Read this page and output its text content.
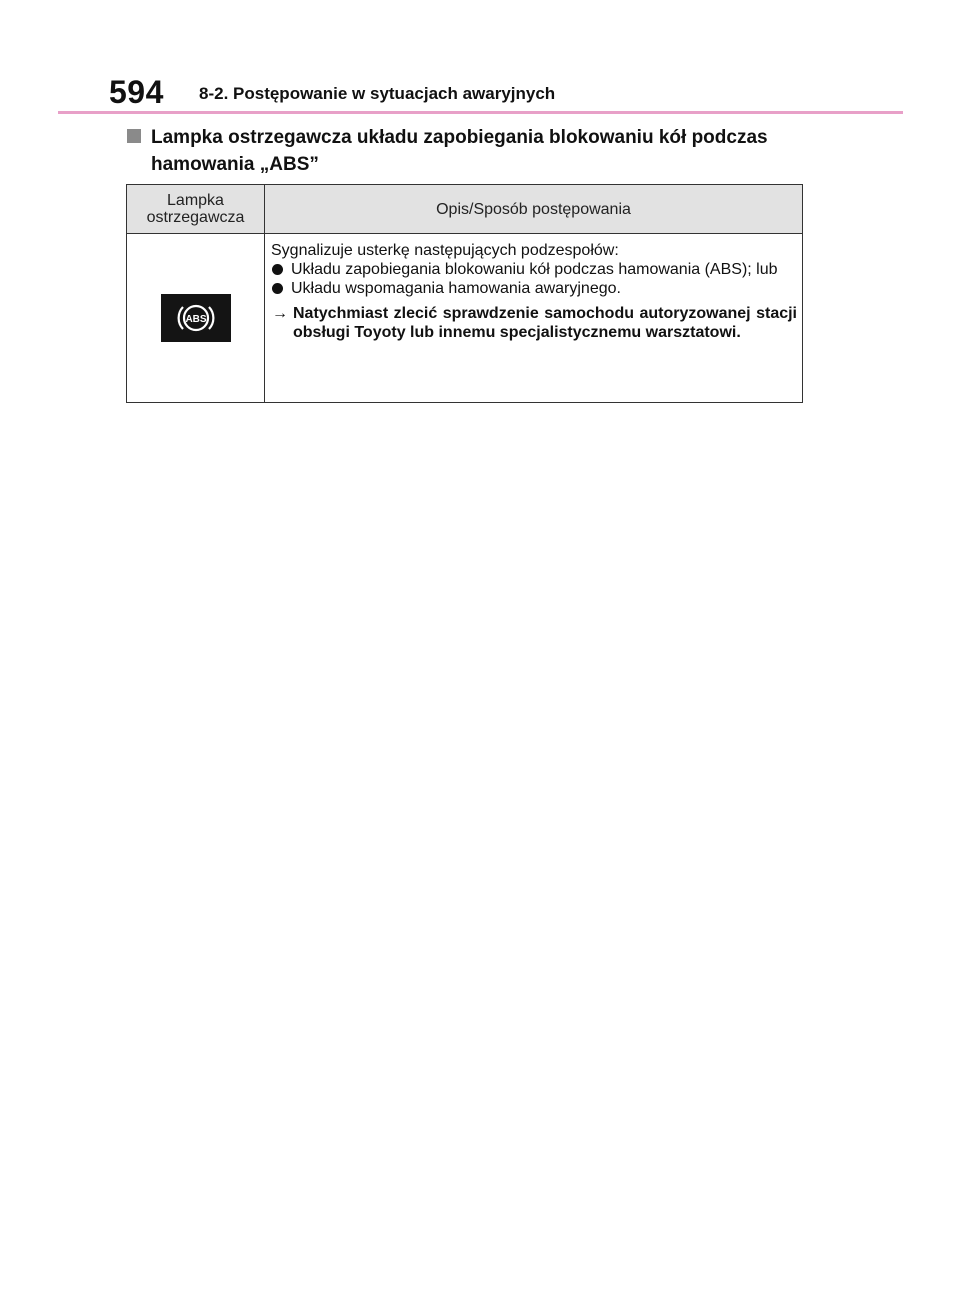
594 8-2. Postępowanie w sytuacjach awaryjnych
Lampka ostrzegawcza układu zapobiegania blokowaniu kół podczas
hamowania „ABS”
Lampka ostrzegawcza	Opis/Sposób postępowania

ABS	Sygnalizuje usterkę następujących podzespołów:
Układu zapobiegania blokowaniu kół podczas hamowania (ABS); lub
Układu wspomagania hamowania awaryjnego.
→ Natychmiast zlecić sprawdzenie samochodu autoryzowanej stacji obsługi Toyoty lub innemu specjalistycznemu warsztatowi.
